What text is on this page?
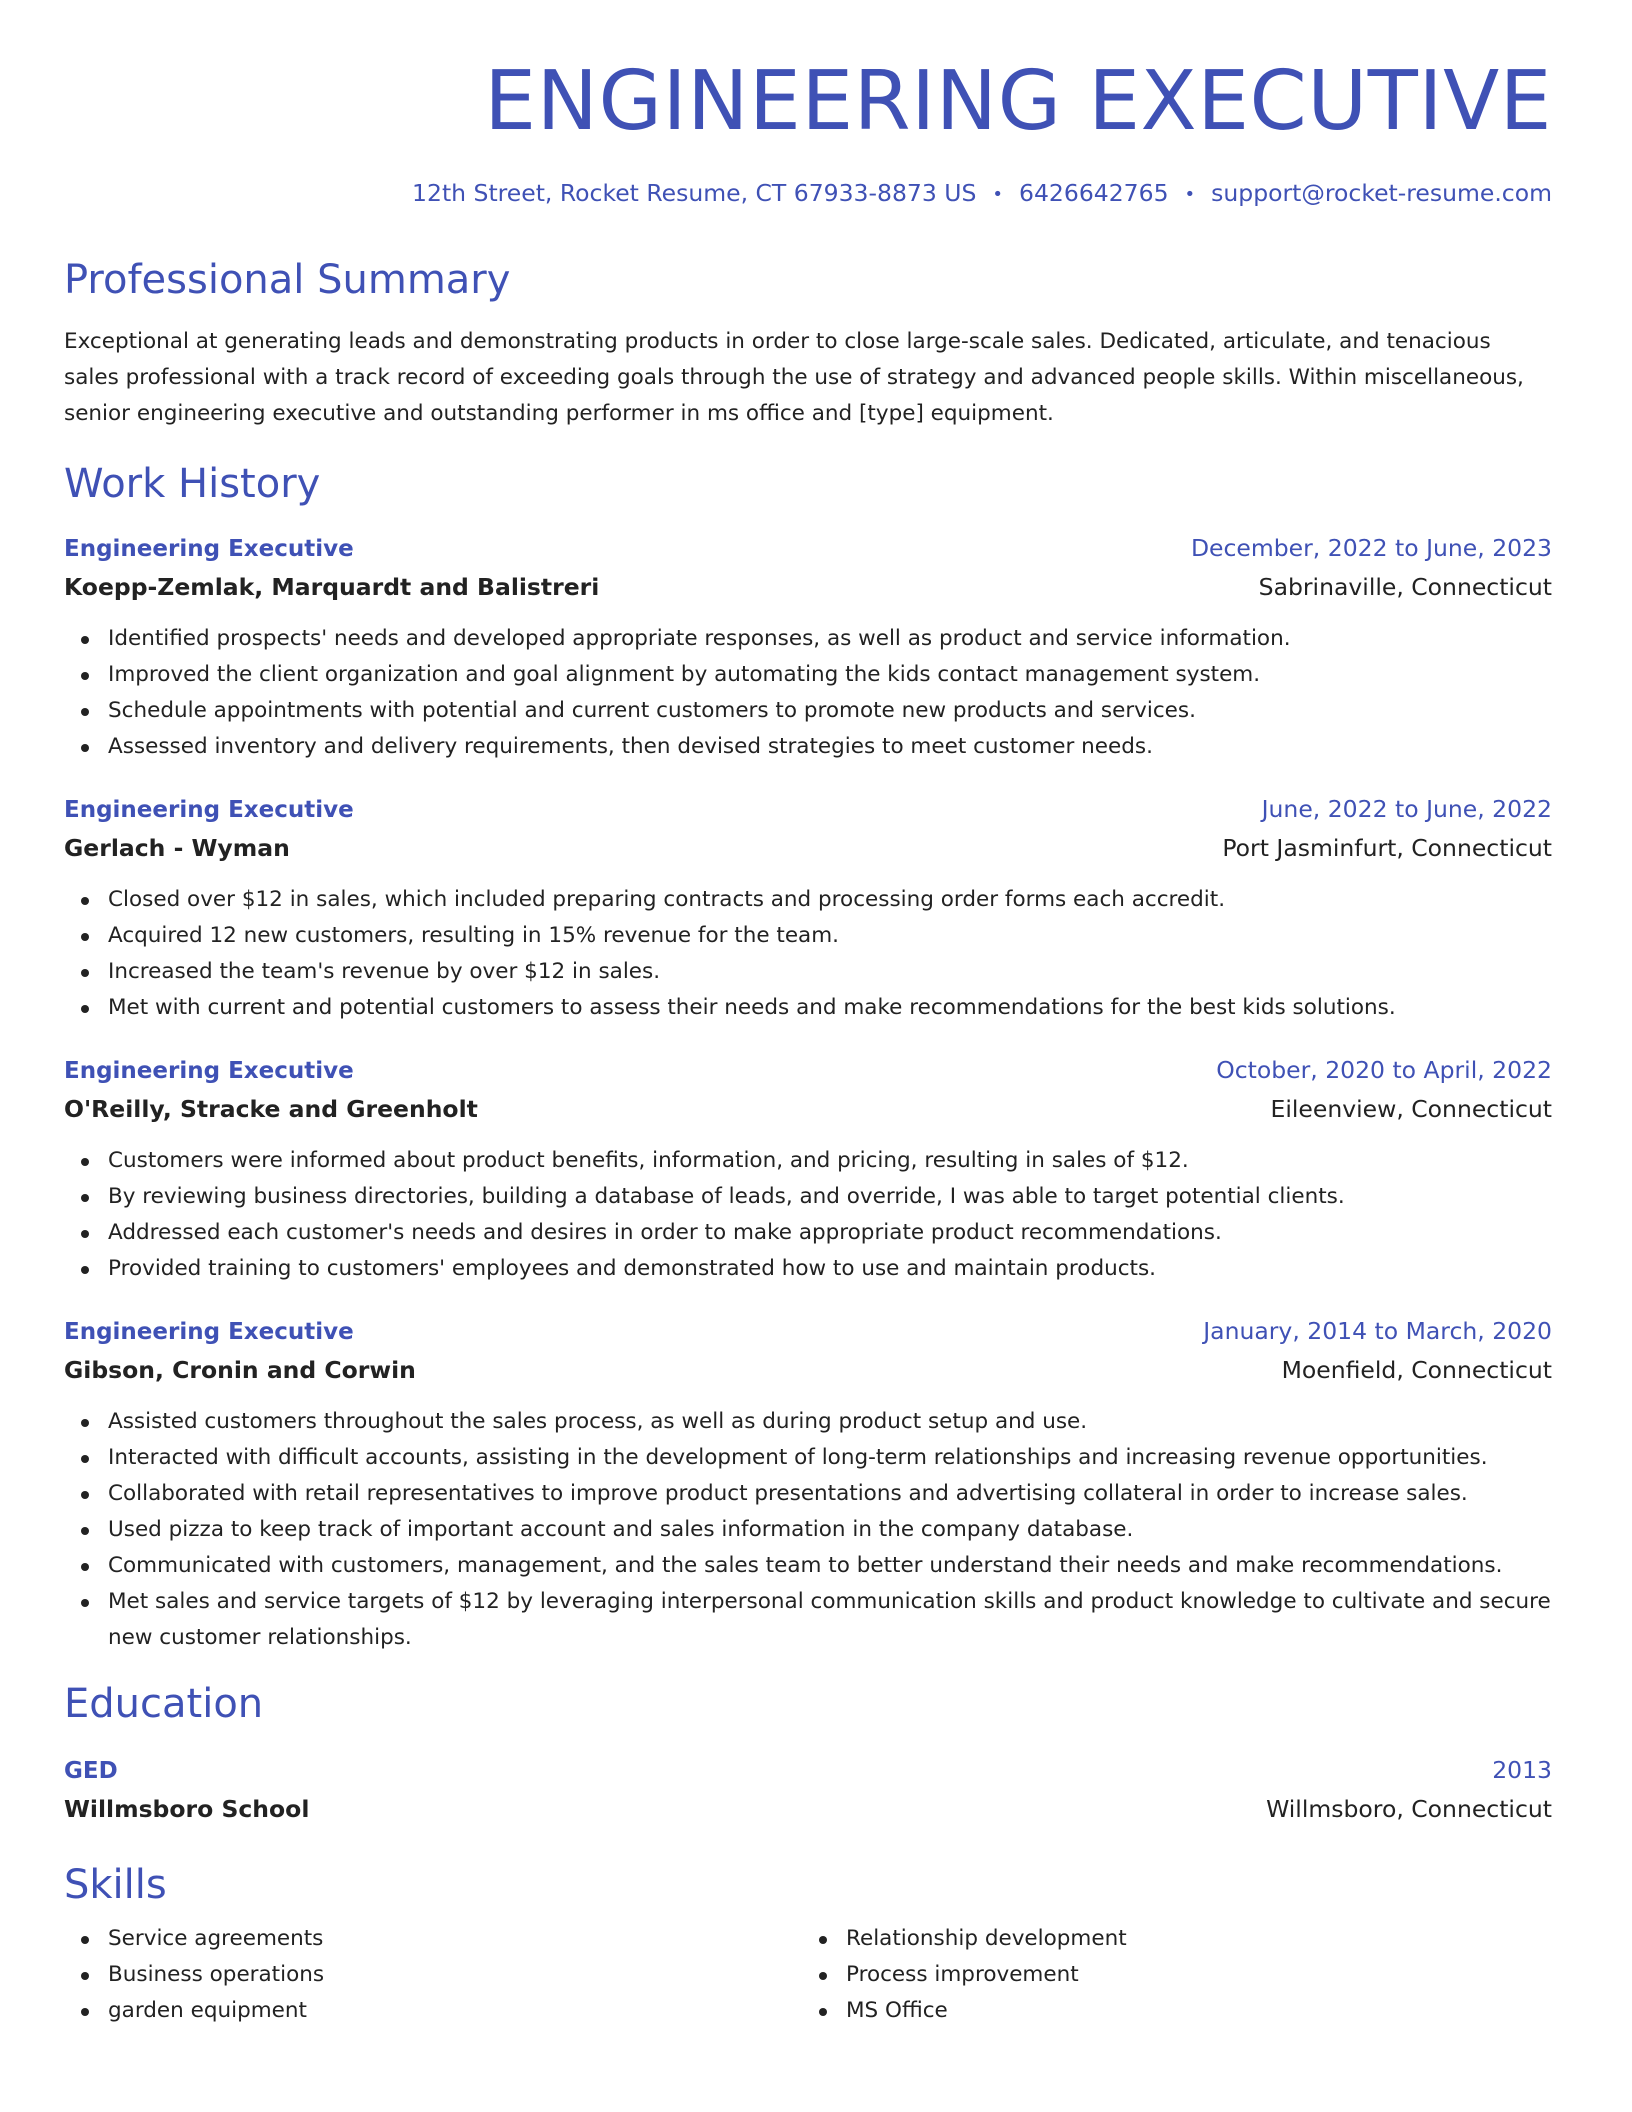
ENGINEERING EXECUTIVE
12th Street, Rocket Resume, CT 67933-8873 US • 6426642765 • support@rocket-resume.com
Professional Summary
Exceptional at generating leads and demonstrating products in order to close large-scale sales. Dedicated, articulate, and tenacious sales professional with a track record of exceeding goals through the use of strategy and advanced people skills. Within miscellaneous, senior engineering executive and outstanding performer in ms office and [type] equipment.
Work History
Engineering Executive	December, 2022 to June, 2023
Koepp-Zemlak, Marquardt and Balistreri	Sabrinaville, Connecticut
Identified prospects' needs and developed appropriate responses, as well as product and service information.
Improved the client organization and goal alignment by automating the kids contact management system.
Schedule appointments with potential and current customers to promote new products and services.
Assessed inventory and delivery requirements, then devised strategies to meet customer needs.
Engineering Executive	June, 2022 to June, 2022
Gerlach - Wyman	Port Jasminfurt, Connecticut
Closed over $12 in sales, which included preparing contracts and processing order forms each accredit.
Acquired 12 new customers, resulting in 15% revenue for the team.
Increased the team's revenue by over $12 in sales.
Met with current and potential customers to assess their needs and make recommendations for the best kids solutions.
Engineering Executive	October, 2020 to April, 2022
O'Reilly, Stracke and Greenholt	Eileenview, Connecticut
Customers were informed about product benefits, information, and pricing, resulting in sales of $12.
By reviewing business directories, building a database of leads, and override, I was able to target potential clients.
Addressed each customer's needs and desires in order to make appropriate product recommendations.
Provided training to customers' employees and demonstrated how to use and maintain products.
Engineering Executive	January, 2014 to March, 2020
Gibson, Cronin and Corwin	Moenfield, Connecticut
Assisted customers throughout the sales process, as well as during product setup and use.
Interacted with difficult accounts, assisting in the development of long-term relationships and increasing revenue opportunities.
Collaborated with retail representatives to improve product presentations and advertising collateral in order to increase sales.
Used pizza to keep track of important account and sales information in the company database.
Communicated with customers, management, and the sales team to better understand their needs and make recommendations.
Met sales and service targets of $12 by leveraging interpersonal communication skills and product knowledge to cultivate and secure new customer relationships.
Education
GED	2013
Willmsboro School	Willmsboro, Connecticut
Skills
Service agreements
Business operations
garden equipment
Relationship development
Process improvement
MS Office
